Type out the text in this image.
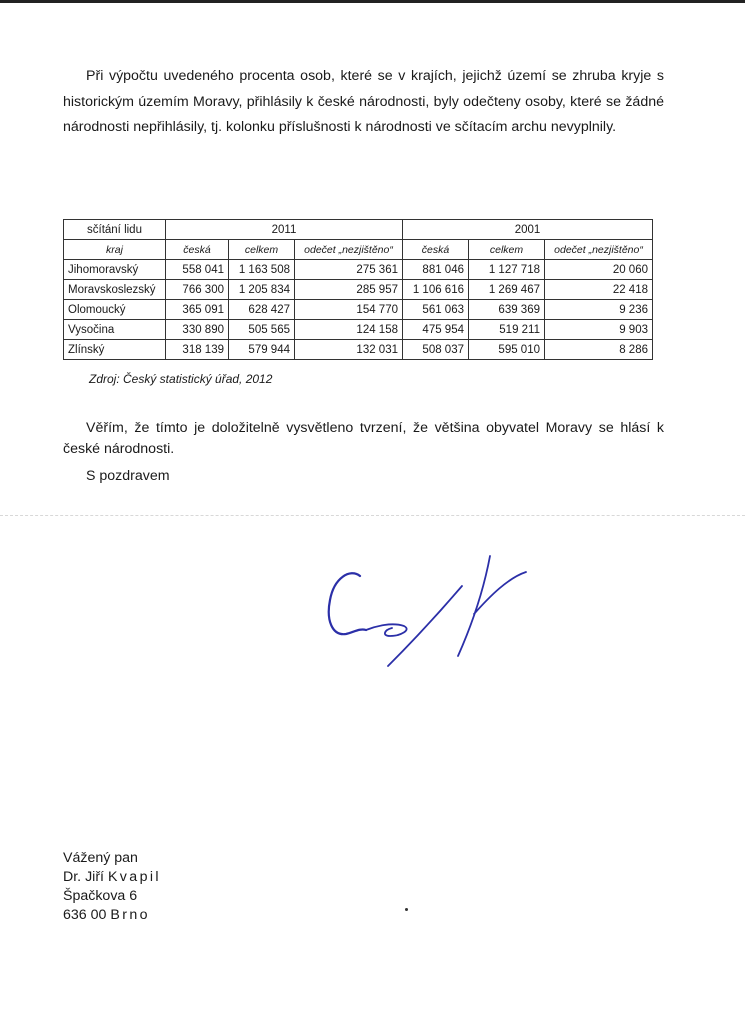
Při výpočtu uvedeného procenta osob, které se v krajích, jejichž území se zhruba kryje s historickým územím Moravy, přihlásily k české národnosti, byly odečteny osoby, které se žádné národnosti nepřihlásily, tj. kolonku příslušnosti k národnosti ve sčítacím archu nevyplnily.

sčítání lidu	2011			2001		
kraj	česká	celkem	odečet „nezjištěno“	česká	celkem	odečet „nezjištěno“
Jihomoravský	558 041	1 163 508	275 361	881 046	1 127 718	20 060
Moravskoslezský	766 300	1 205 834	285 957	1 106 616	1 269 467	22 418
Olomoucký	365 091	628 427	154 770	561 063	639 369	9 236
Vysočina	330 890	505 565	124 158	475 954	519 211	9 903
Zlínský	318 139	579 944	132 031	508 037	595 010	8 286

Zdroj: Český statistický úřad, 2012

Věřím, že tímto je doložitelně vysvětleno tvrzení, že většina obyvatel Moravy se hlásí k české národnosti.

S pozdravem

Vážený pan
Dr. Jiří Kvapil
Špačkova 6
636 00 Brno
